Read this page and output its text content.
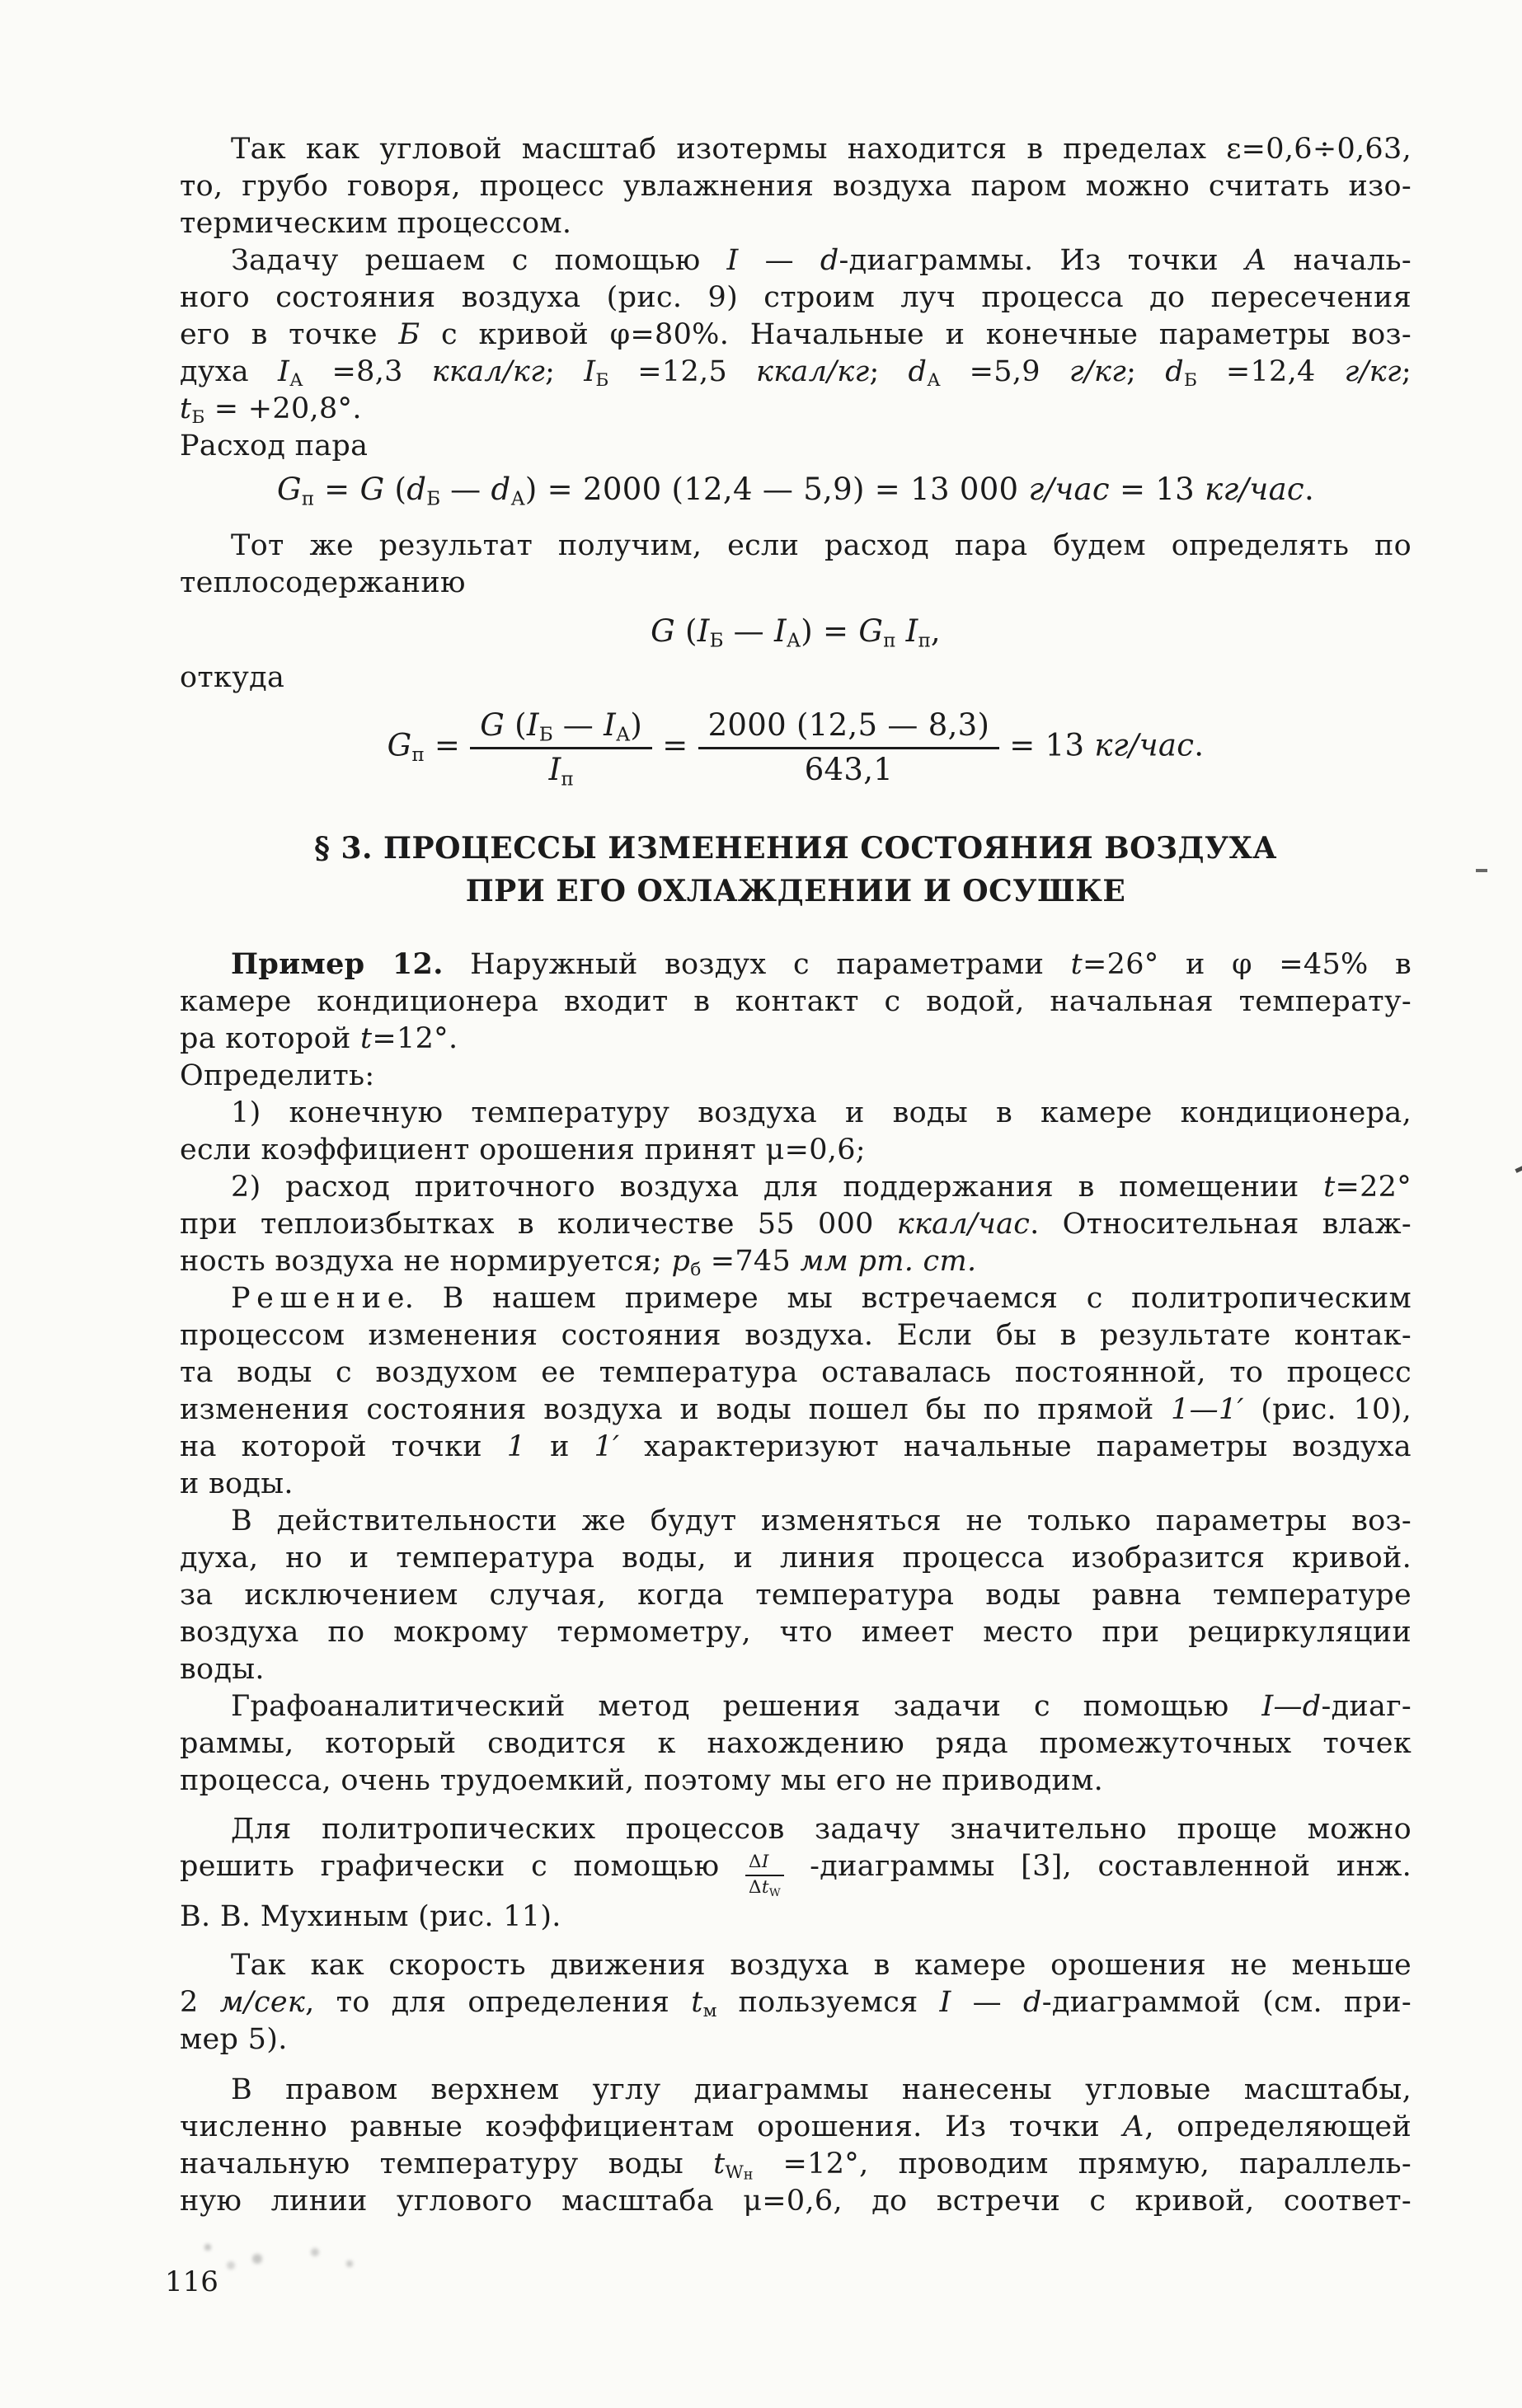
Так как угловой масштаб изотермы находится в пределах ε=0,6÷0,63,
то, грубо говоря, процесс увлажнения воздуха паром можно считать изо-
термическим процессом.
Задачу решаем с помощью I — d-диаграммы. Из точки А началь-
ного состояния воздуха (рис. 9) строим луч процесса до пересечения
его в точке Б с кривой φ=80%. Начальные и конечные параметры воз-
духа $I_А =8,3$ ккал/кг; $I_Б =12,5$ ккал/кг; $d_А =5,9$ г/кг; $d_Б =12,4$ г/кг;
$t_Б = +20,8^\circ$.
Расход пара
$G_п = G$ ($d_Б$ — $d_А) = 2000$ (12,4 — 5,9) = 13 000 г/час = 13 кг/час.
Тот же результат получим, если расход пара будем определять по
теплосодержанию
G ($I_Б$ — $I_А) = G_п$ $I_п$,
откуда
$G_п = \frac{G (I_Б — I_А)}{I_п} = \frac{2000 (12,5 — 8,3)}{643,1} = 13$ кг/час.
§ 3. ПРОЦЕССЫ ИЗМЕНЕНИЯ СОСТОЯНИЯ ВОЗДУХА
ПРИ ЕГО ОХЛАЖДЕНИИ И ОСУШКЕ
Пример 12. Наружный воздух с параметрами t=26° и φ =45% в
камере кондиционера входит в контакт с водой, начальная температу-
ра которой t=12°.
Определить:
1) конечную температуру воздуха и воды в камере кондиционера,
если коэффициент орошения принят μ=0,6;
2) расход приточного воздуха для поддержания в помещении t=22°
при теплоизбытках в количестве 55 000 ккал/час. Относительная влаж-
ность воздуха не нормируется; $p_б =745$ мм рт. ст.
Р е ш е н и е. В нашем примере мы встречаемся с политропическим
процессом изменения состояния воздуха. Если бы в результате контак-
та воды с воздухом ее температура оставалась постоянной, то процесс
изменения состояния воздуха и воды пошел бы по прямой 1—1′ (рис. 10),
на которой точки 1 и 1′ характеризуют начальные параметры воздуха
и воды.
В действительности же будут изменяться не только параметры воз-
духа, но и температура воды, и линия процесса изобразится кривой.
за исключением случая, когда температура воды равна температуре
воздуха по мокрому термометру, что имеет место при рециркуляции
воды.
Графоаналитический метод решения задачи с помощью I—d-диаг-
раммы, который сводится к нахождению ряда промежуточных точек
процесса, очень трудоемкий, поэтому мы его не приводим.
Для политропических процессов задачу значительно проще можно
решить графически с помощью $\frac{\Delta I}{\Delta t_W}$ -диаграммы [3], составленной инж.
В. В. Мухиным (рис. 11).
Так как скорость движения воздуха в камере орошения не меньше
2 м/сек, то для определения $t_м$ пользуемся I — d-диаграммой (см. при-
мер 5).
В правом верхнем углу диаграммы нанесены угловые масштабы,
численно равные коэффициентам орошения. Из точки А, определяющей
начальную температуру воды $t_{Wн} =12^\circ$, проводим прямую, параллель-
ную линии углового масштаба μ=0,6, до встречи с кривой, соответ-
116
